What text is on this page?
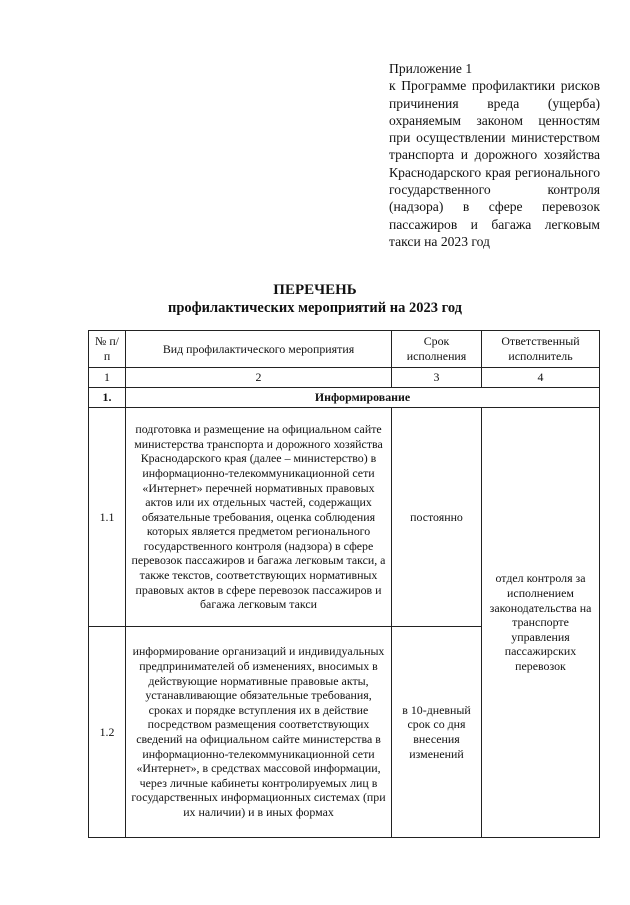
Приложение 1
к Программе профилактики рисков причинения вреда (ущерба) охраняемым законом ценностям при осуществлении министерством транспорта и дорожного хозяйства Краснодарского края регионального государственного контроля (надзора) в сфере перевозок пассажиров и багажа легковым такси на 2023 год
ПЕРЕЧЕНЬ
профилактических мероприятий на 2023 год
№ п/п	Вид профилактического мероприятия	Срок исполнения	Ответственный исполнитель
1	2	3	4
1.	Информирование		
1.1	подготовка и размещение на официальном сайте министерства транспорта и дорожного хозяйства Краснодарского края (далее – министерство) в информационно-телекоммуникационной сети «Интернет» перечней нормативных правовых актов или их отдельных частей, содержащих обязательные требования, оценка соблюдения которых является предметом регионального государственного контроля (надзора) в сфере перевозок пассажиров и багажа легковым такси, а также текстов, соответствующих нормативных правовых актов в сфере перевозок пассажиров и багажа легковым такси	постоянно	отдел контроля за исполнением законодательства на транспорте управления пассажирских перевозок
1.2	информирование организаций и индивидуальных предпринимателей об изменениях, вносимых в действующие нормативные правовые акты, устанавливающие обязательные требования, сроках и порядке вступления их в действие посредством размещения соответствующих сведений на официальном сайте министерства в информационно-телекоммуникационной сети «Интернет», в средствах массовой информации, через личные кабинеты контролируемых лиц в государственных информационных системах (при их наличии) и в иных формах	в 10-дневный срок со дня внесения изменений	
